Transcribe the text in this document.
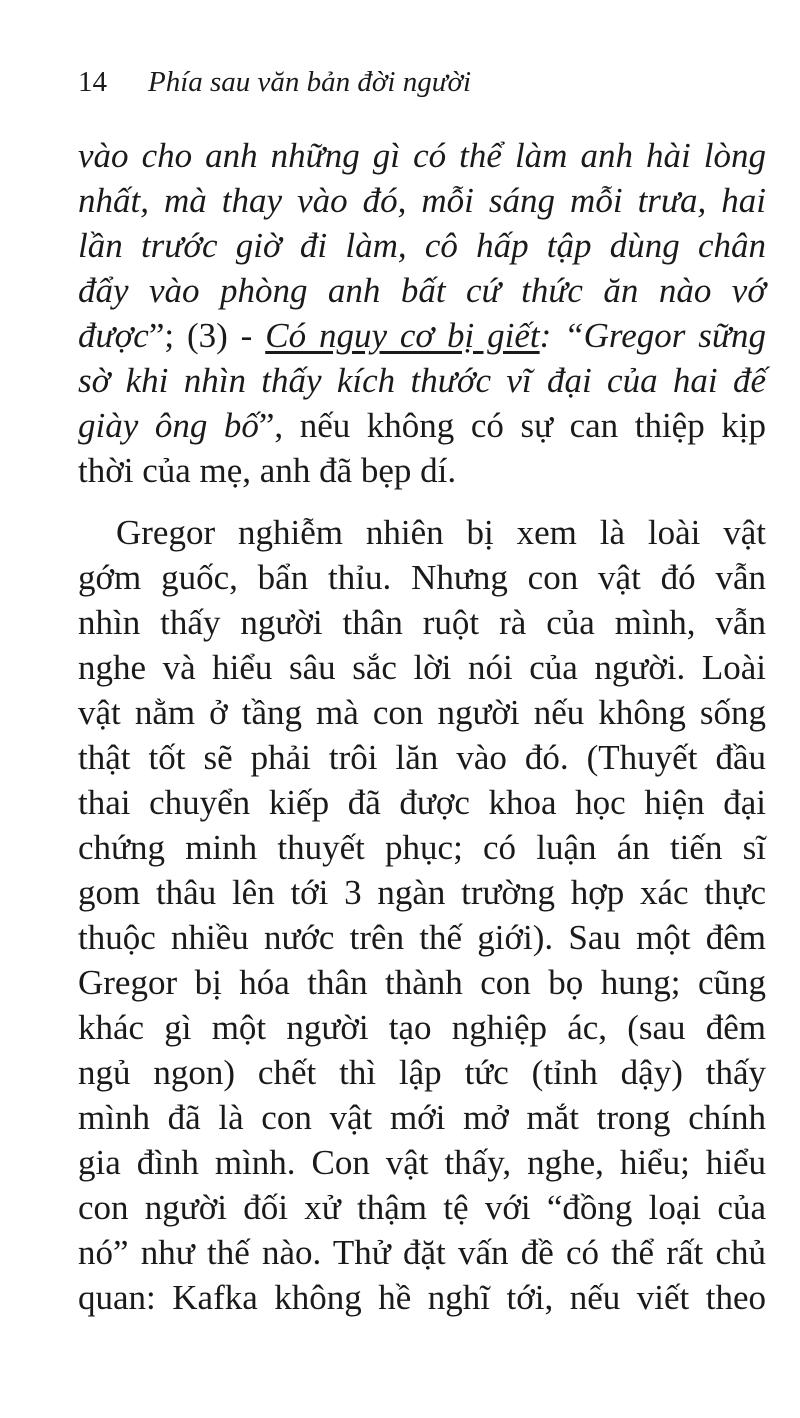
14 Phía sau văn bản đời người
vào cho anh những gì có thể làm anh hài lòng
nhất, mà thay vào đó, mỗi sáng mỗi trưa, hai
lần trước giờ đi làm, cô hấp tập dùng chân
đẩy vào phòng anh bất cứ thức ăn nào vớ
được”; (3) - Có nguy cơ bị giết: “Gregor sững
sờ khi nhìn thấy kích thước vĩ đại của hai đế
giày ông bố”, nếu không có sự can thiệp kịp
thời của mẹ, anh đã bẹp dí.
Gregor nghiễm nhiên bị xem là loài vật
gớm guốc, bẩn thỉu. Nhưng con vật đó vẫn
nhìn thấy người thân ruột rà của mình, vẫn
nghe và hiểu sâu sắc lời nói của người. Loài
vật nằm ở tầng mà con người nếu không sống
thật tốt sẽ phải trôi lăn vào đó. (Thuyết đầu
thai chuyển kiếp đã được khoa học hiện đại
chứng minh thuyết phục; có luận án tiến sĩ
gom thâu lên tới 3 ngàn trường hợp xác thực
thuộc nhiều nước trên thế giới). Sau một đêm
Gregor bị hóa thân thành con bọ hung; cũng
khác gì một người tạo nghiệp ác, (sau đêm
ngủ ngon) chết thì lập tức (tỉnh dậy) thấy
mình đã là con vật mới mở mắt trong chính
gia đình mình. Con vật thấy, nghe, hiểu; hiểu
con người đối xử thậm tệ với “đồng loại của
nó” như thế nào. Thử đặt vấn đề có thể rất chủ
quan: Kafka không hề nghĩ tới, nếu viết theo
